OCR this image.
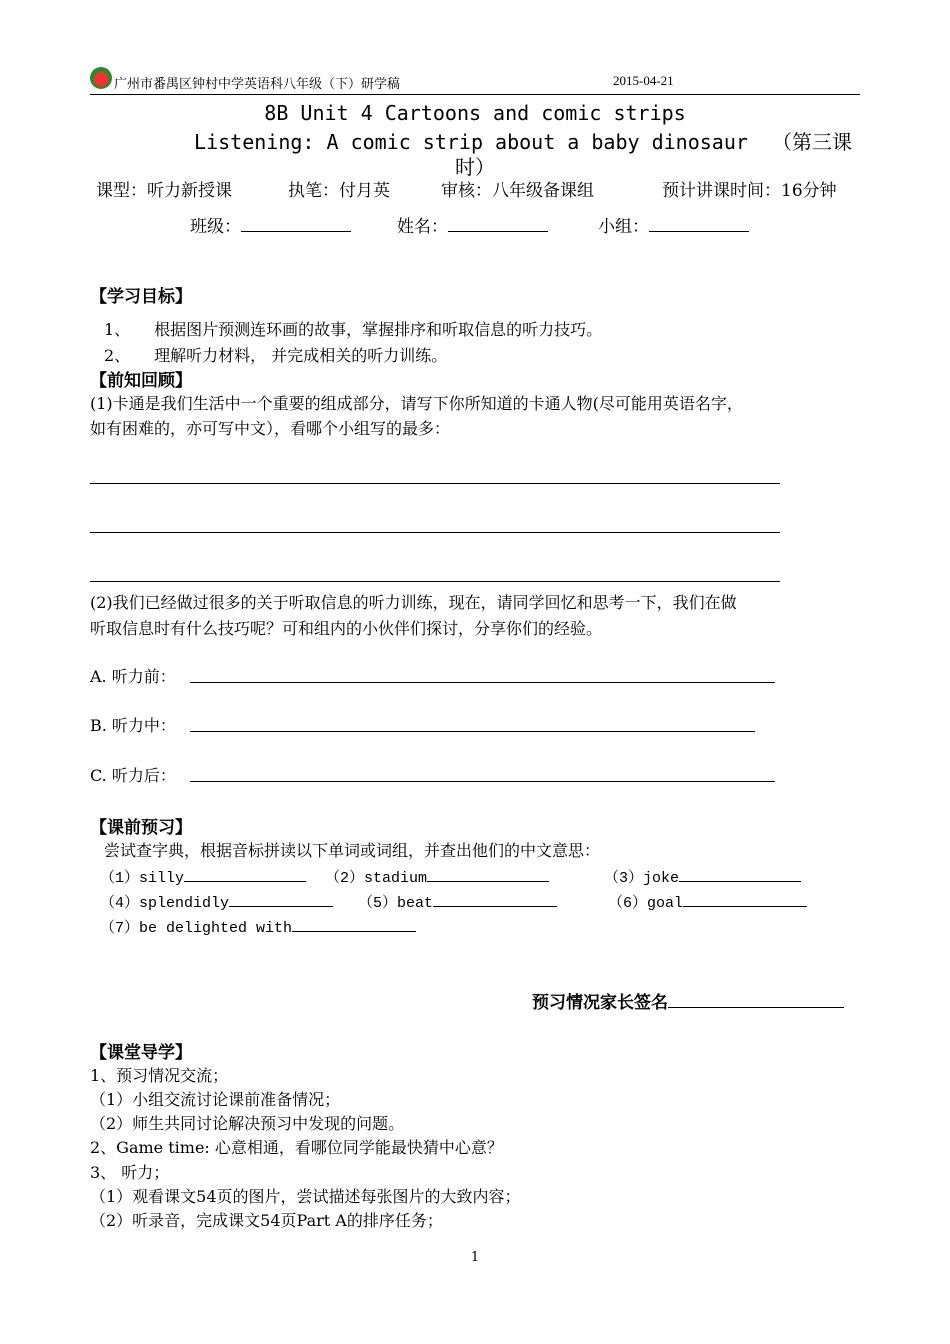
广州市番禺区钟村中学英语科八年级（下）研学稿	2015-04-21
8B Unit 4 Cartoons and comic strips
Listening: A comic strip about a baby dinosaur  （第三课
时）
课型：听力新授课	执笔：付月英	审核：八年级备课组	预计讲课时间：16分钟
班级：	姓名：	小组：
【学习目标】
1、　　根据图片预测连环画的故事，掌握排序和听取信息的听力技巧。
2、　　理解听力材料， 并完成相关的听力训练。
【前知回顾】
(1)卡通是我们生活中一个重要的组成部分，请写下你所知道的卡通人物(尽可能用英语名字，
如有困难的，亦可写中文），看哪个小组写的最多：
(2)我们已经做过很多的关于听取信息的听力训练，现在，请同学回忆和思考一下，我们在做
听取信息时有什么技巧呢？可和组内的小伙伴们探讨，分享你们的经验。
A. 听力前：
B. 听力中：
C. 听力后：
【课前预习】
尝试查字典，根据音标拼读以下单词或词组，并查出他们的中文意思：
（1）silly	（2）stadium	（3）joke
（4）splendidly	（5）beat	（6）goal
（7）be delighted with
预习情况家长签名
【课堂导学】
1、预习情况交流；
（1）小组交流讨论课前准备情况；
（2）师生共同讨论解决预习中发现的问题。
2、Game time: 心意相通，看哪位同学能最快猜中心意？
3、 听力；
（1）观看课文54页的图片，尝试描述每张图片的大致内容；
（2）听录音，完成课文54页Part A的排序任务；
1
